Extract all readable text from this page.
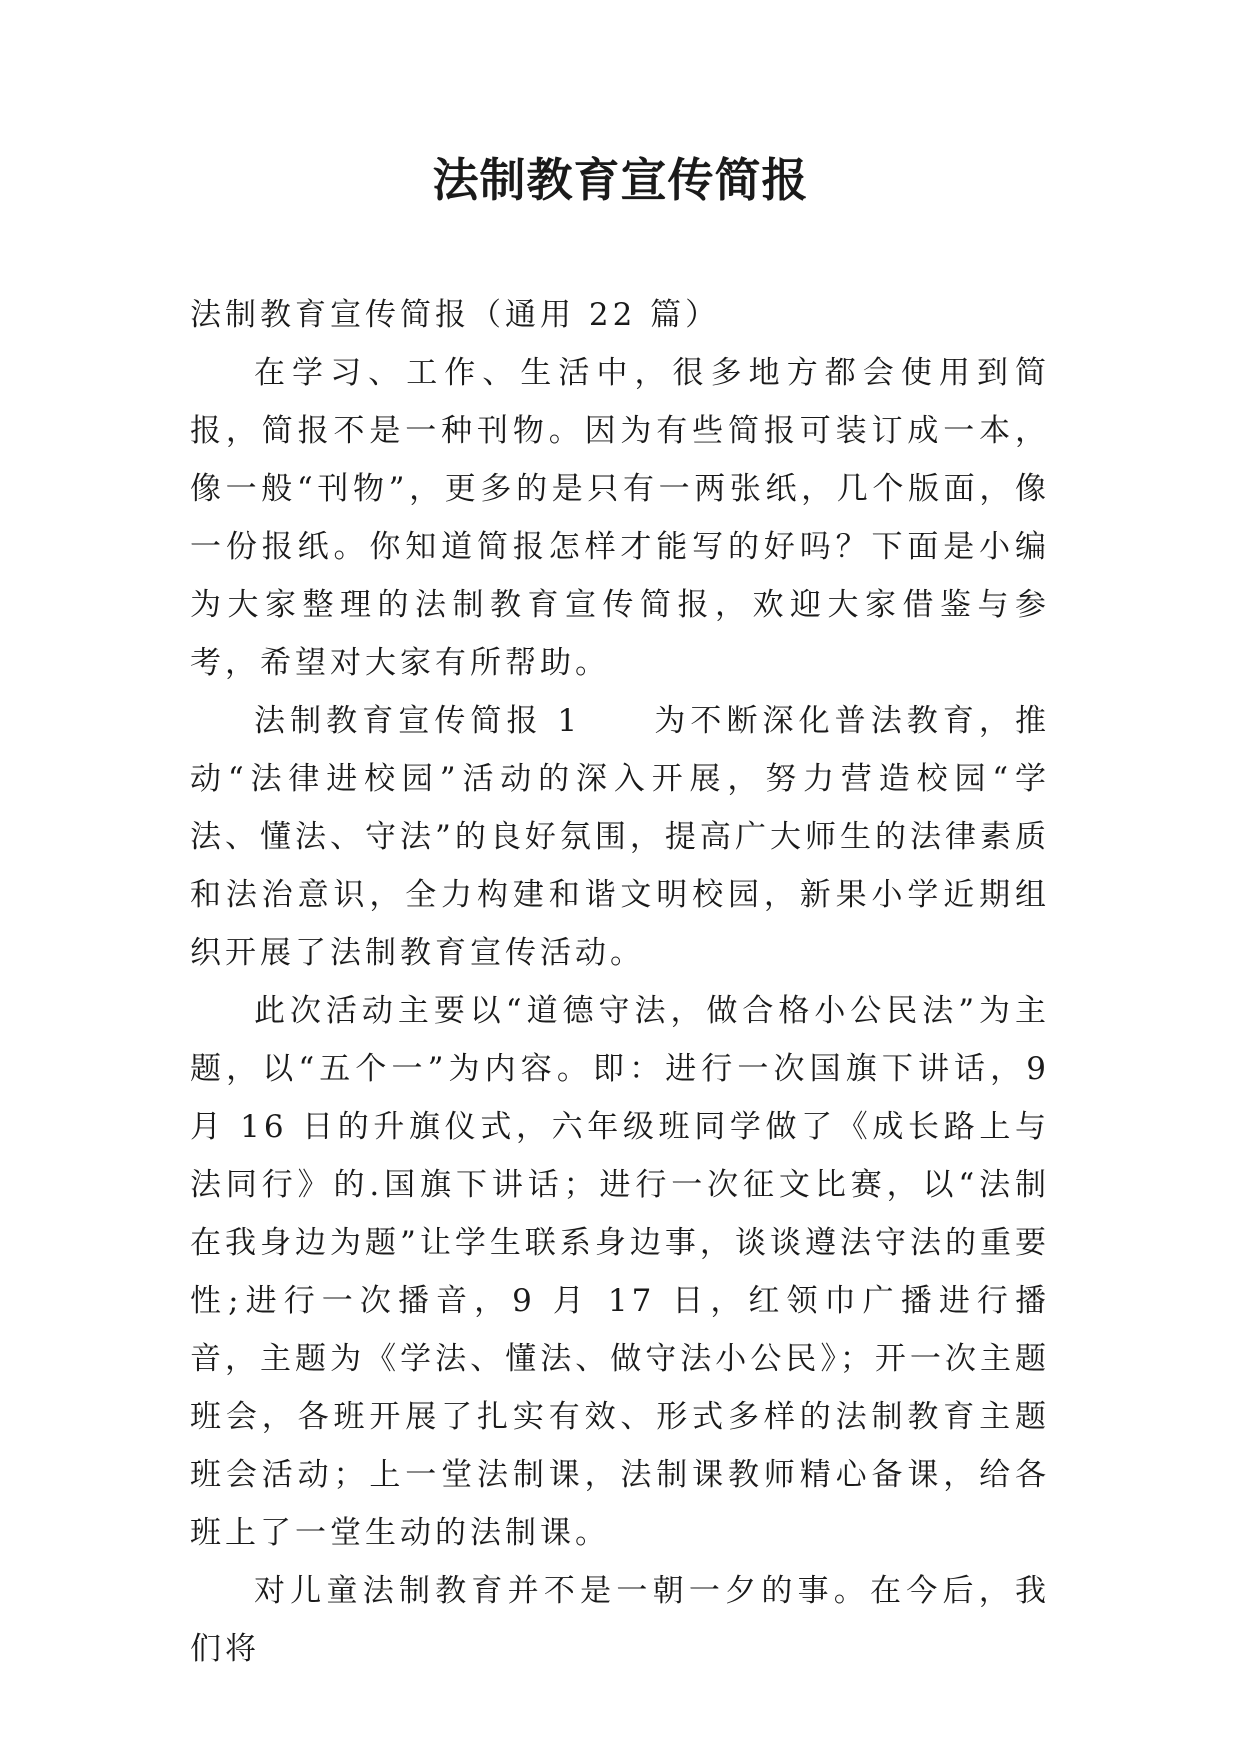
法制教育宣传简报

法制教育宣传简报（通用 22 篇）

在学习、工作、生活中，很多地方都会使用到简报，简报不是一种刊物。因为有些简报可装订成一本，像一般“刊物”，更多的是只有一两张纸，几个版面，像一份报纸。你知道简报怎样才能写的好吗？下面是小编为大家整理的法制教育宣传简报，欢迎大家借鉴与参考，希望对大家有所帮助。

法制教育宣传简报 1　　为不断深化普法教育，推动“法律进校园”活动的深入开展，努力营造校园“学法、懂法、守法”的良好氛围，提高广大师生的法律素质和法治意识，全力构建和谐文明校园，新果小学近期组织开展了法制教育宣传活动。

此次活动主要以“道德守法，做合格小公民法”为主题，以“五个一”为内容。即：进行一次国旗下讲话，9 月 16 日的升旗仪式，六年级班同学做了《成长路上与法同行》的.国旗下讲话；进行一次征文比赛，以“法制在我身边为题”让学生联系身边事，谈谈遵法守法的重要性;进行一次播音，9 月 17 日，红领巾广播进行播音，主题为《学法、懂法、做守法小公民》；开一次主题班会，各班开展了扎实有效、形式多样的法制教育主题班会活动；上一堂法制课，法制课教师精心备课，给各班上了一堂生动的法制课。

对儿童法制教育并不是一朝一夕的事。在今后，我们将
